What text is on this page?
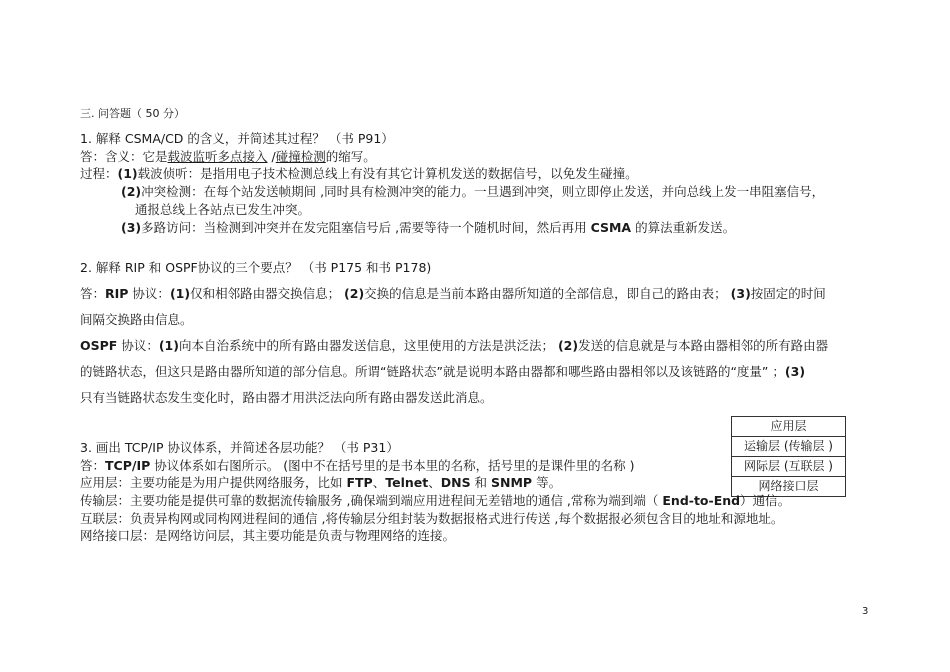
三. 问答题（ 50 分）
1. 解释 CSMA/CD 的含义，并简述其过程？ （书 P91）
答：含义：它是载波监听多点接入 /碰撞检测的缩写。
过程：(1)载波侦听：是指用电子技术检测总线上有没有其它计算机发送的数据信号，以免发生碰撞。
(2)冲突检测：在每个站发送帧期间 ,同时具有检测冲突的能力。一旦遇到冲突，则立即停止发送，并向总线上发一串阻塞信号，
通报总线上各站点已发生冲突。
(3)多路访问：当检测到冲突并在发完阻塞信号后 ,需要等待一个随机时间，然后再用 CSMA 的算法重新发送。
2. 解释 RIP 和 OSPF协议的三个要点？ （书 P175 和书 P178)
答：RIP 协议：(1)仅和相邻路由器交换信息； (2)交换的信息是当前本路由器所知道的全部信息，即自己的路由表； (3)按固定的时间
间隔交换路由信息。
OSPF 协议：(1)向本自治系统中的所有路由器发送信息，这里使用的方法是洪泛法； (2)发送的信息就是与本路由器相邻的所有路由器
的链路状态，但这只是路由器所知道的部分信息。所谓“链路状态”就是说明本路由器都和哪些路由器相邻以及该链路的“度量” ；(3)
只有当链路状态发生变化时，路由器才用洪泛法向所有路由器发送此消息。
应用层
运输层 (传输层 )
网际层 (互联层 )
网络接口层
3. 画出 TCP/IP 协议体系，并简述各层功能？ （书 P31）
答：TCP/IP 协议体系如右图所示。 (图中不在括号里的是书本里的名称，括号里的是课件里的名称 )
应用层：主要功能是为用户提供网络服务，比如 FTP、Telnet、DNS 和 SNMP 等。
传输层：主要功能是提供可靠的数据流传输服务 ,确保端到端应用进程间无差错地的通信 ,常称为端到端（ End-to-End）通信。
互联层：负责异构网或同构网进程间的通信 ,将传输层分组封装为数据报格式进行传送 ,每个数据报必须包含目的地址和源地址。
网络接口层：是网络访问层，其主要功能是负责与物理网络的连接。
3
